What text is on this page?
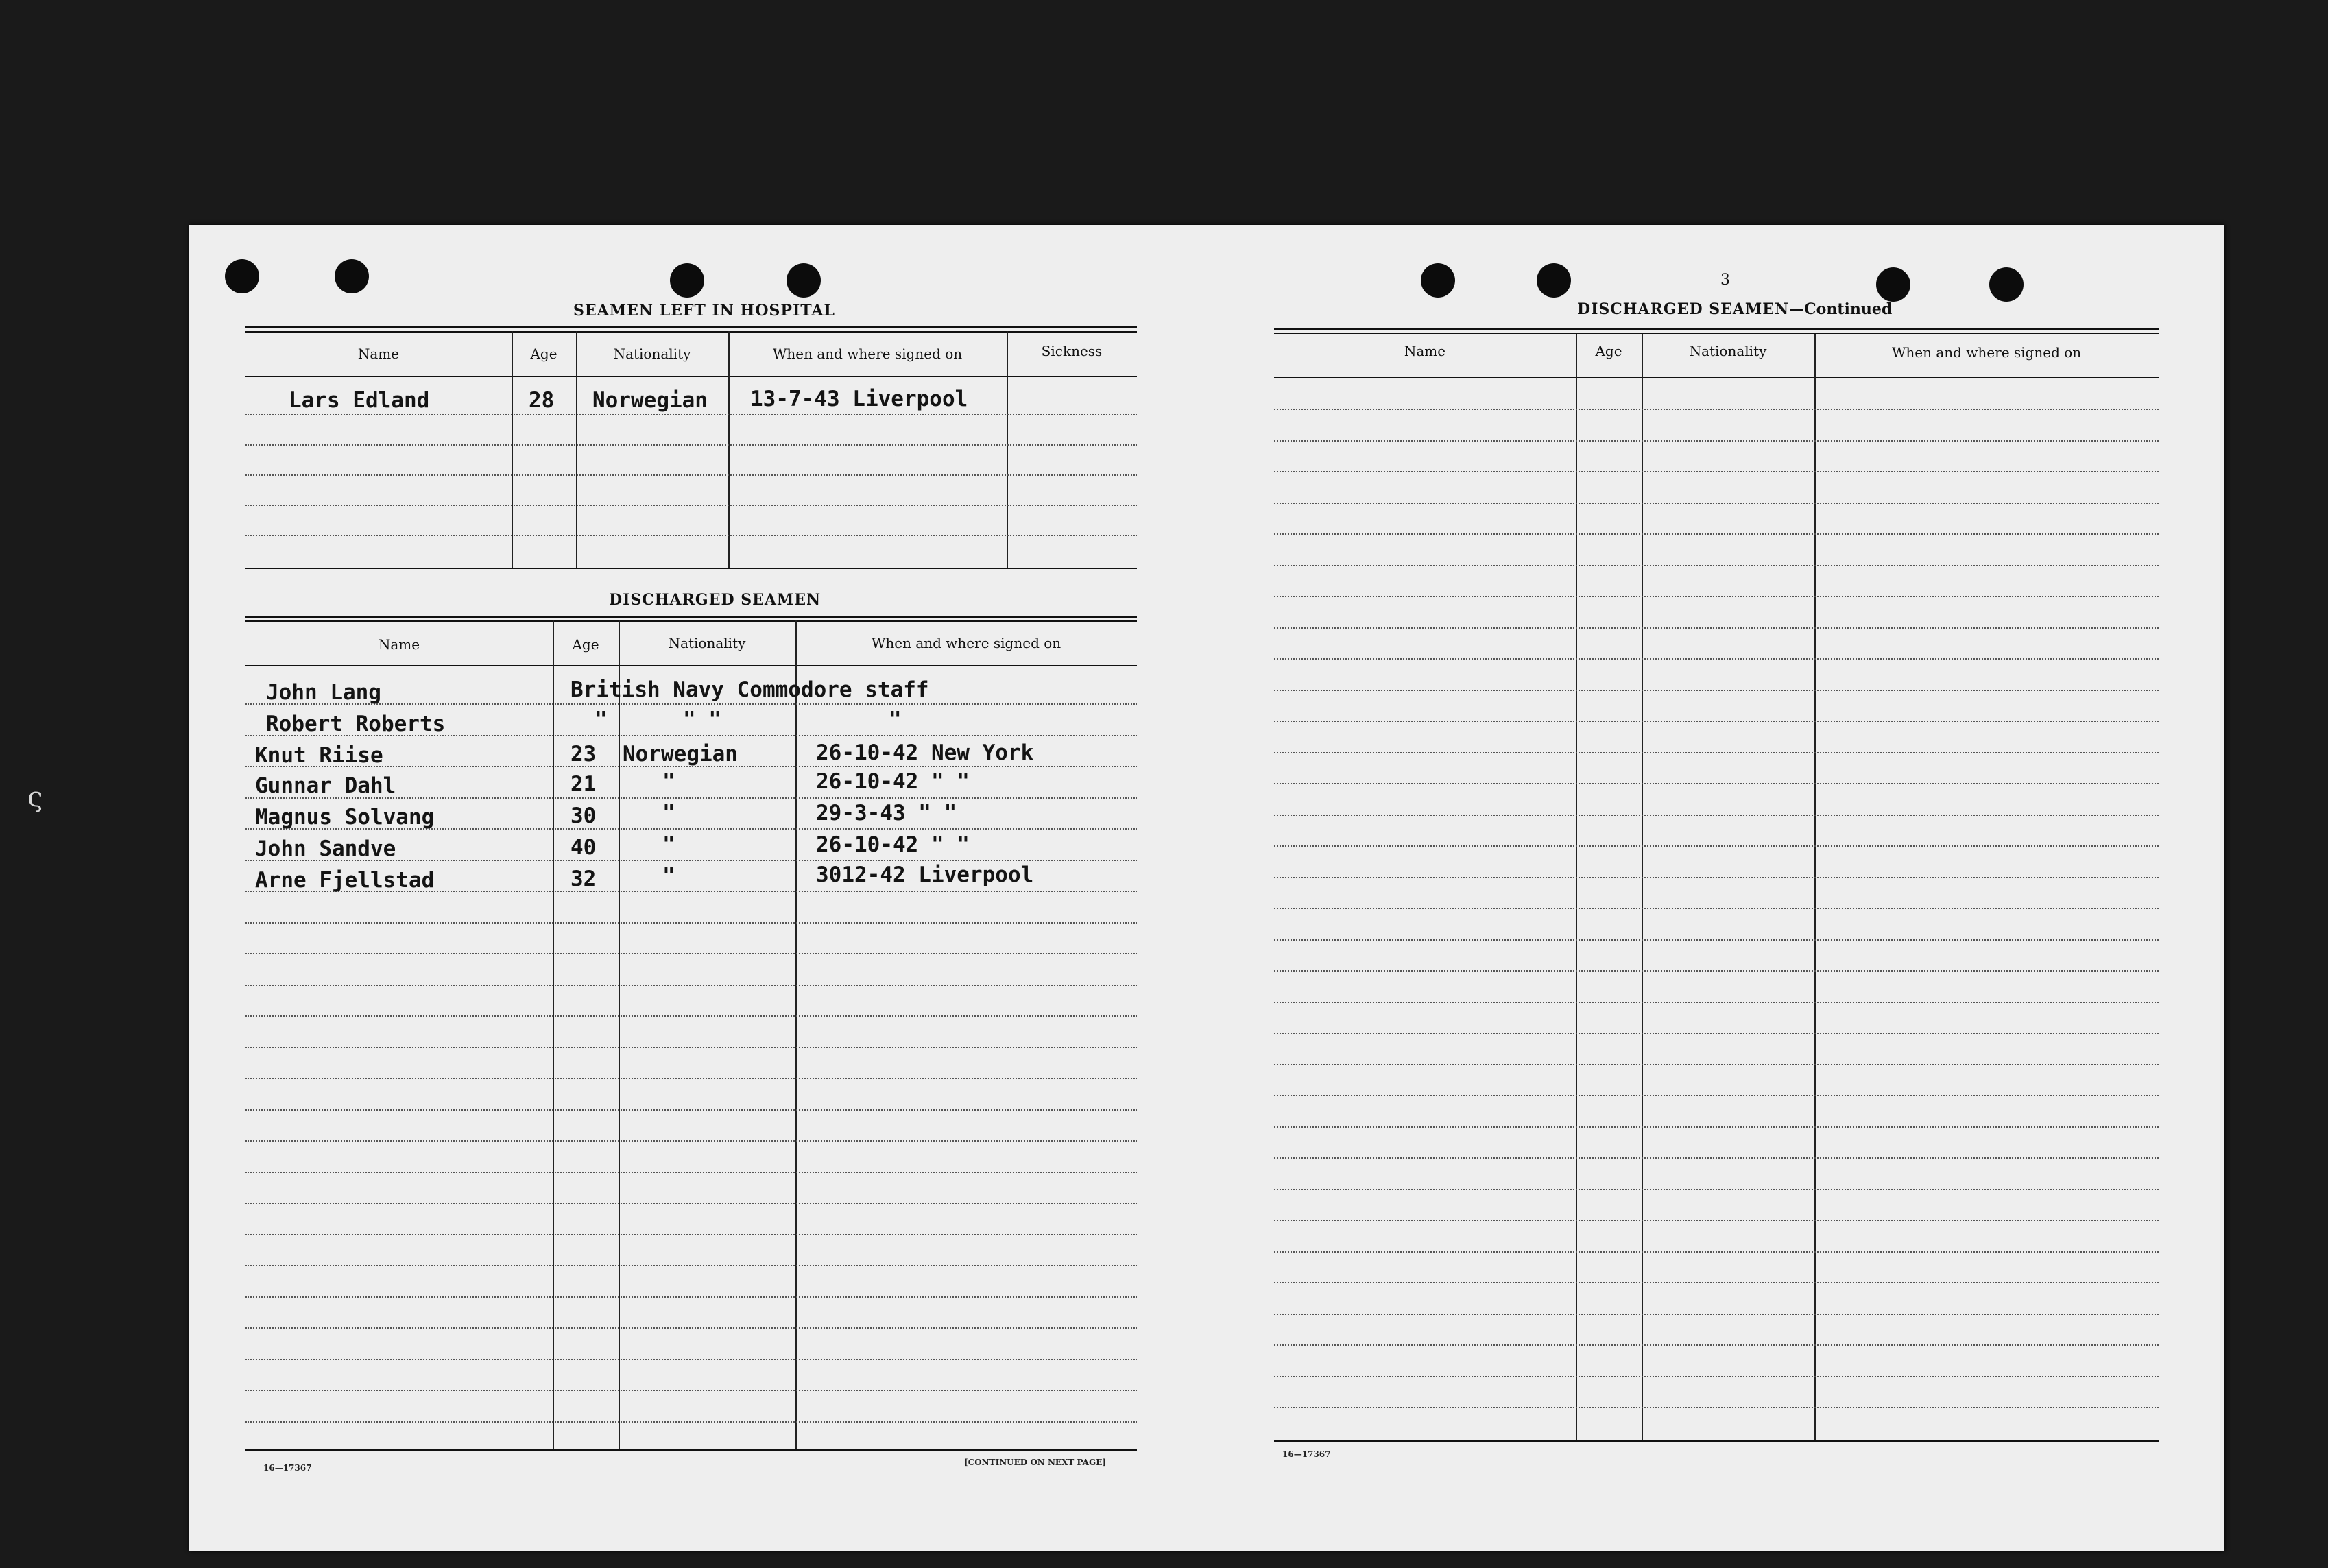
SEAMEN LEFT IN HOSPITAL
Name	Age	Nationality	When and where signed on	Sickness
Lars Edland	28 Norwegian 13-7-43 Liverpool
DISCHARGED SEAMEN
Name	Age	Nationality	When and where signed on
John Lang	British Navy Commodore staff
Robert Roberts	"	" "	"
Knut Riise	23 Norwegian	26-10-42 New York
Gunnar Dahl	21	"	26-10-42 " "
Magnus Solvang	30	"	29-3-43 " "
John Sandve	40	"	26-10-42 " "
Arne Fjellstad	32	"	3012-42 Liverpool
16—17367
[CONTINUED ON NEXT PAGE]
3
DISCHARGED SEAMEN—Continued
Name	Age	Nationality	When and where signed on
16—17367
ς
